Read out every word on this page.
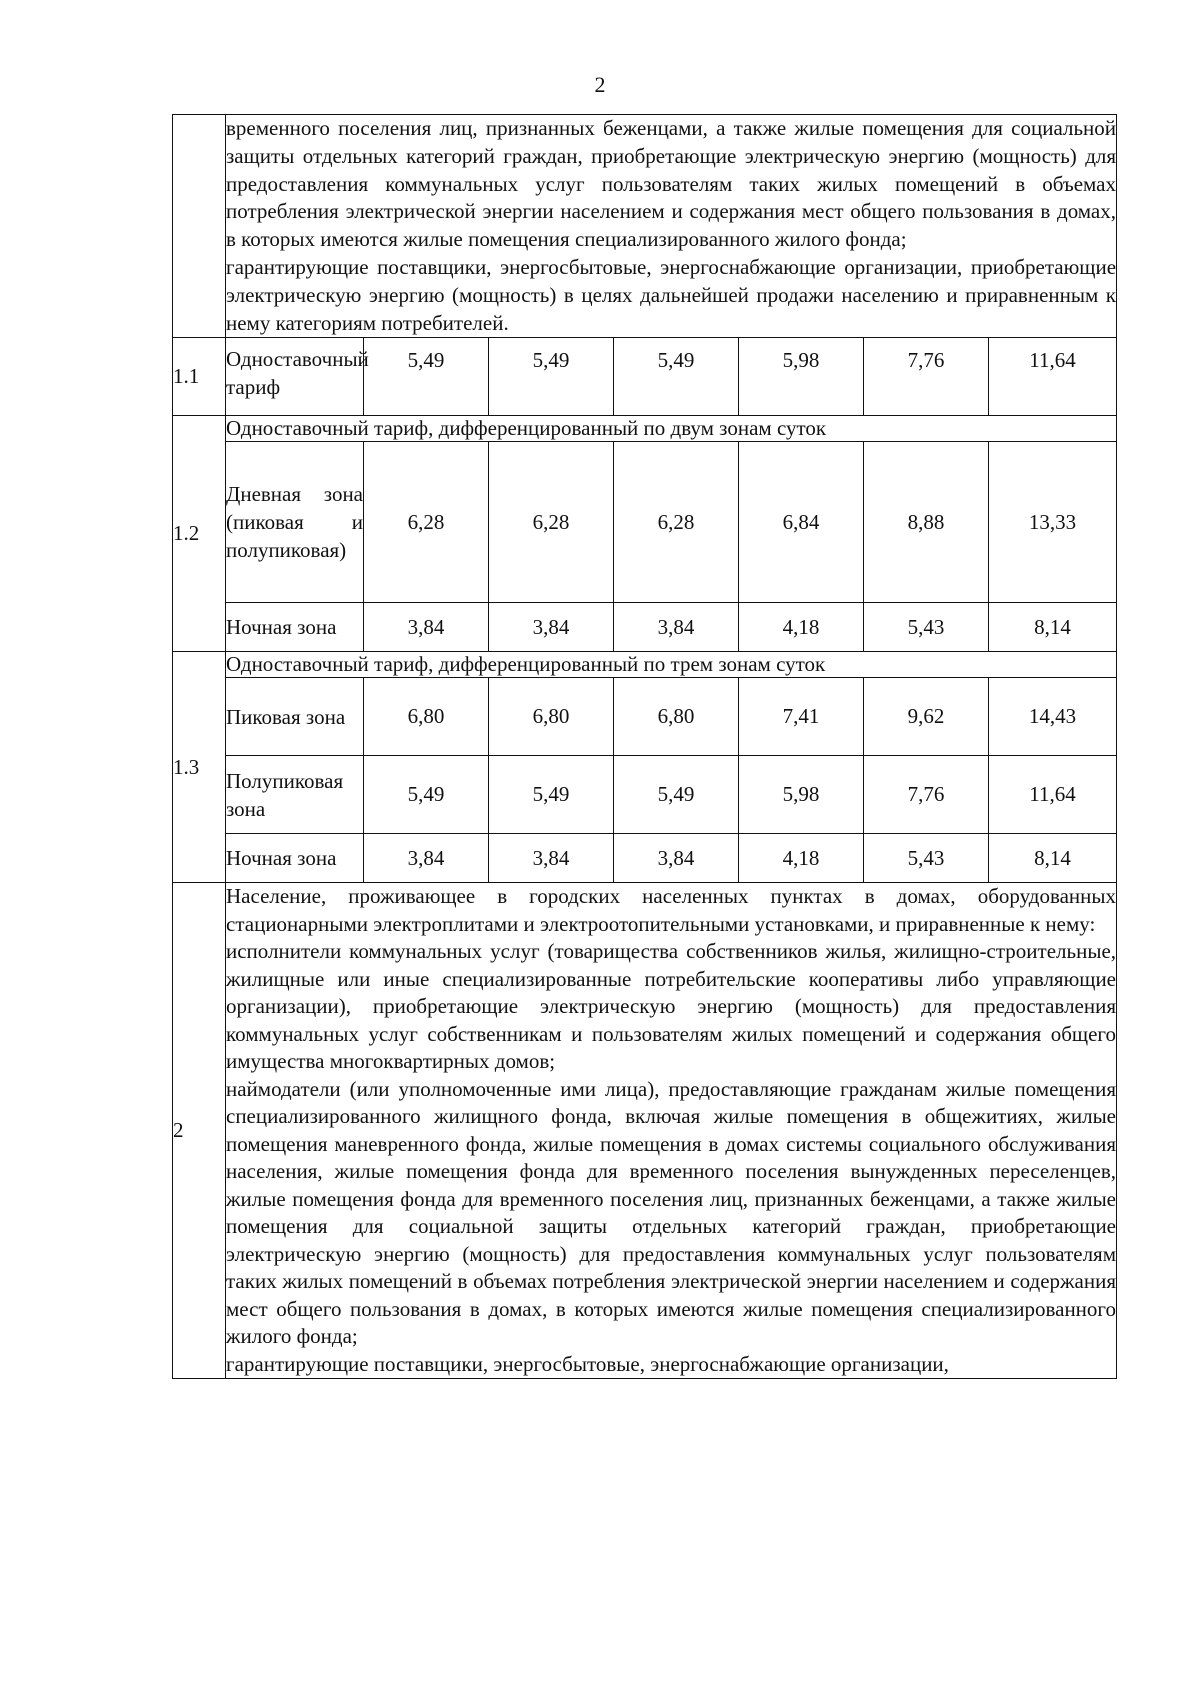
2

	временного поселения лиц, признанных беженцами, а также жилые помещения для социальной защиты отдельных категорий граждан, приобретающие электрическую энергию (мощность) для предоставления коммунальных услуг пользователям таких жилых помещений в объемах потребления электрической энергии населением и содержания мест общего пользования в домах, в которых имеются жилые помещения специализированного жилого фонда;

гарантирующие поставщики, энергосбытовые, энергоснабжающие организации, приобретающие электрическую энергию (мощность) в целях дальнейшей продажи населению и приравненным к нему категориям потребителей.						

1.1	Одноставочный тариф	5,49	5,49	5,49	5,98	7,76	11,64
1.2	Одноставочный тариф, дифференцированный по двум зонам суток						
	Дневная зона (пиковая и полупиковая)	6,28	6,28	6,28	6,84	8,88	13,33
	Ночная зона	3,84	3,84	3,84	4,18	5,43	8,14
1.3	Одноставочный тариф, дифференцированный по трем зонам суток						
	Пиковая зона	6,80	6,80	6,80	7,41	9,62	14,43
	Полупиковая зона	5,49	5,49	5,49	5,98	7,76	11,64
	Ночная зона	3,84	3,84	3,84	4,18	5,43	8,14
2	Население, проживающее в городских населенных пунктах в домах, оборудованных стационарными электроплитами и электроотопительными установками, и приравненные к нему:

исполнители коммунальных услуг (товарищества собственников жилья, жилищно-строительные, жилищные или иные специализированные потребительские кооперативы либо управляющие организации), приобретающие электрическую энергию (мощность) для предоставления коммунальных услуг собственникам и пользователям жилых помещений и содержания общего имущества многоквартирных домов;

наймодатели (или уполномоченные ими лица), предоставляющие гражданам жилые помещения специализированного жилищного фонда, включая жилые помещения в общежитиях, жилые помещения маневренного фонда, жилые помещения в домах системы социального обслуживания населения, жилые помещения фонда для временного поселения вынужденных переселенцев, жилые помещения фонда для временного поселения лиц, признанных беженцами, а также жилые помещения для социальной защиты отдельных категорий граждан, приобретающие электрическую энергию (мощность) для предоставления коммунальных услуг пользователям таких жилых помещений в объемах потребления электрической энергии населением и содержания мест общего пользования в домах, в которых имеются жилые помещения специализированного жилого фонда;

гарантирующие поставщики, энергосбытовые, энергоснабжающие организации,						
